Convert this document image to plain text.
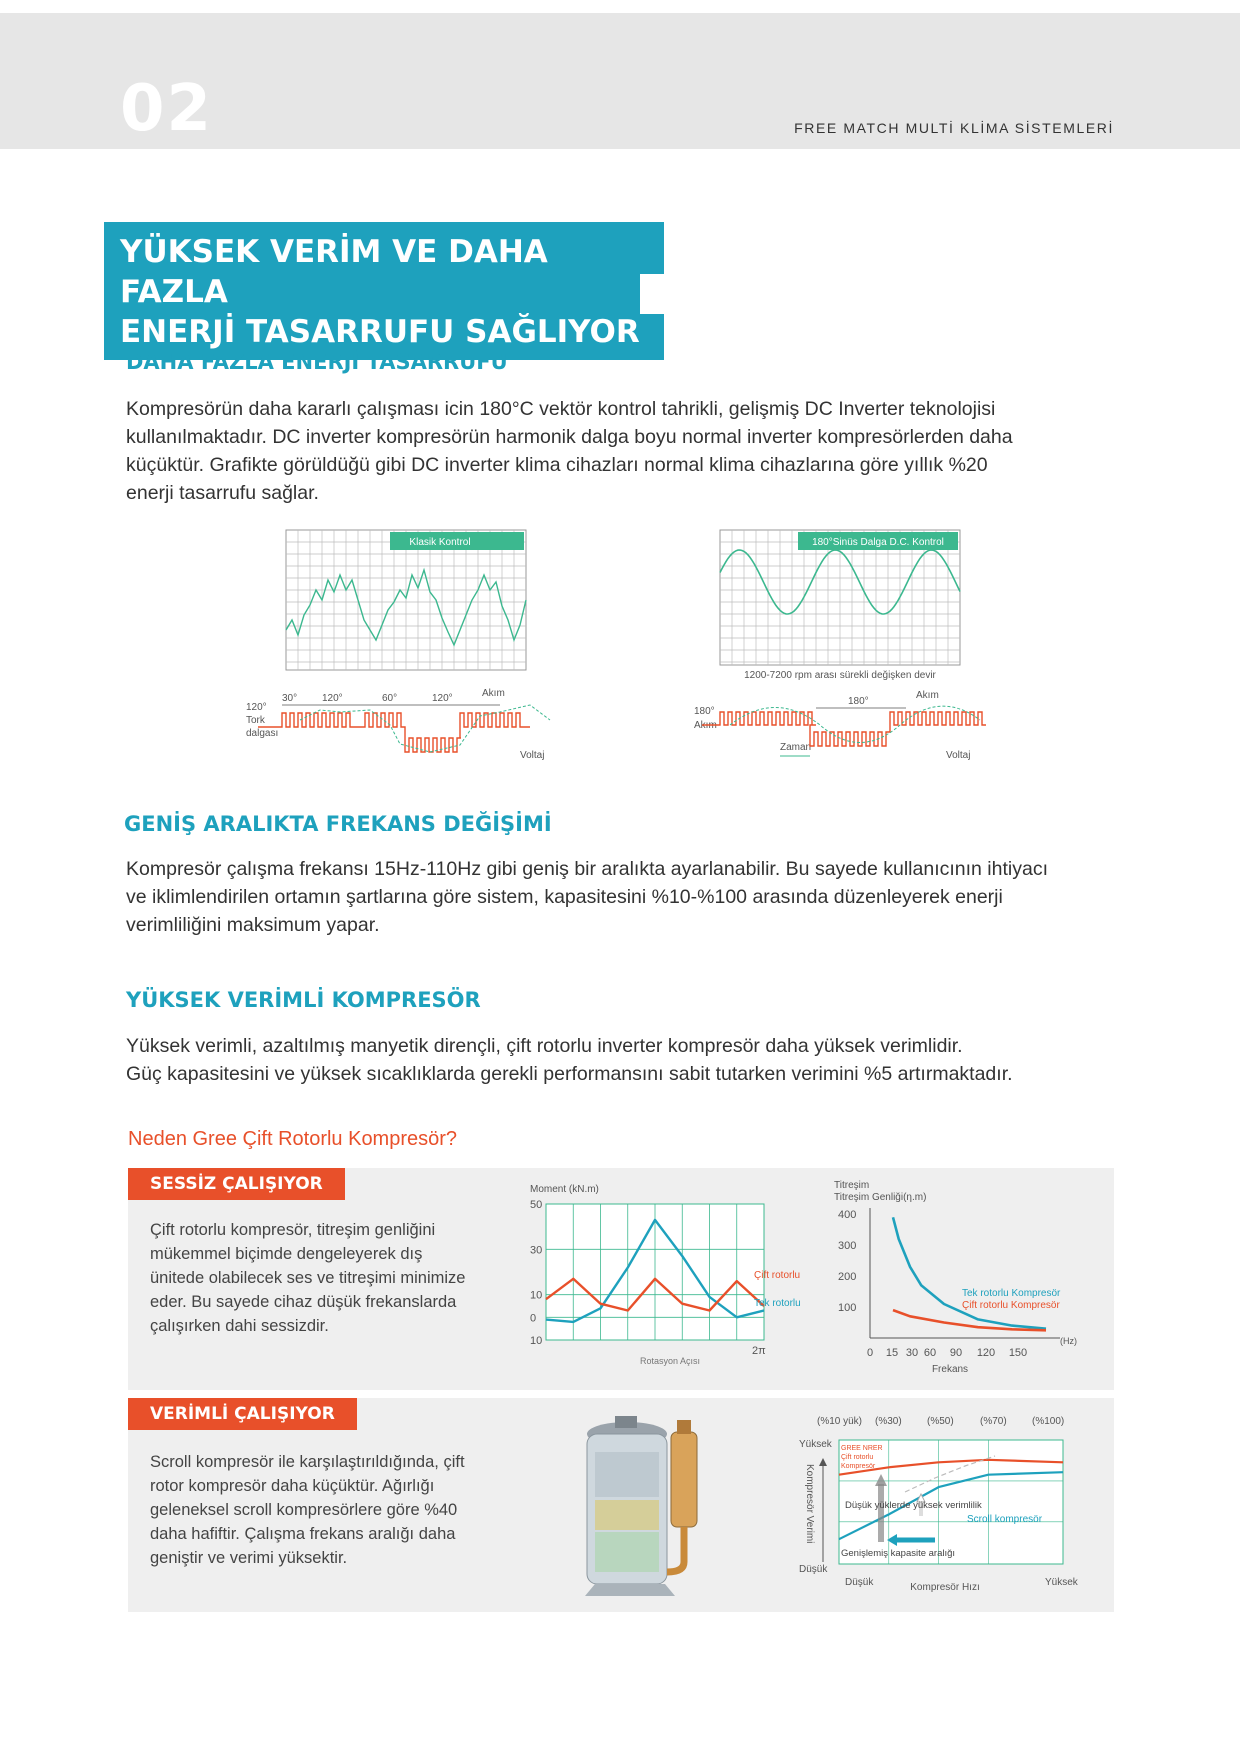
02	FREE MATCH MULTİ KLİMA SİSTEMLERİ
YÜKSEK VERİM VE DAHA FAZLA
ENERJİ TASARRUFU SAĞLIYOR
DAHA FAZLA ENERJİ TASARRUFU
Kompresörün daha kararlı çalışması icin 180°C vektör kontrol tahrikli, gelişmiş DC Inverter teknolojisi
kullanılmaktadır. DC inverter kompresörün harmonik dalga boyu normal inverter kompresörlerden daha
küçüktür. Grafikte görüldüğü gibi DC inverter klima cihazları normal klima cihazlarına göre yıllık %20
enerji tasarrufu sağlar.
Klasik Kontrol
120°
Tork
dalgası
30° 120°	60°	120°	Akım
Voltaj
180°Sinüs Dalga D.C. Kontrol
1200-7200 rpm arası sürekli değişken devir
180°
Akım
180°
Akım
Zaman
Voltaj
GENİŞ ARALIKTA FREKANS DEĞİŞİMİ
Kompresör çalışma frekansı 15Hz-110Hz gibi geniş bir aralıkta ayarlanabilir. Bu sayede kullanıcının ihtiyacı
ve iklimlendirilen ortamın şartlarına göre sistem, kapasitesini %10-%100 arasında düzenleyerek enerji
verimliliğini maksimum yapar.
YÜKSEK VERİMLİ KOMPRESÖR
Yüksek verimli, azaltılmış manyetik dirençli, çift rotorlu inverter kompresör daha yüksek verimlidir.
Güç kapasitesini ve yüksek sıcaklıklarda gerekli performansını sabit tutarken verimini %5 artırmaktadır.
Neden Gree Çift Rotorlu Kompresör?
SESSİZ ÇALIŞIYOR
Çift rotorlu kompresör, titreşim genliğini
mükemmel biçimde dengeleyerek dış
ünitede olabilecek ses ve titreşimi minimize
eder. Bu sayede cihaz düşük frekanslarda
çalışırken dahi sessizdir.
Moment (kN.m)
50
30
10
0
10
2π
Rotasyon Açısı
Çift rotorlu
Tek rotorlu
Titreşim
Titreşim Genliği(η.m)
400
300
200
100
0 15 30 60 90 120 150
(Hz)
Frekans
Tek rotorlu Kompresör
Çift rotorlu Kompresör
VERİMLİ ÇALIŞIYOR
Scroll kompresör ile karşılaştırıldığında, çift
rotor kompresör daha küçüktür. Ağırlığı
geleneksel scroll kompresörlere göre %40
daha hafiftir. Çalışma frekans aralığı daha
geniştir ve verimi yüksektir.
(%10 yük) (%30)	(%50)	(%70)	(%100)
Yüksek
Düşük
Kompresör Verimi
GREE NRER
Çift rotorlu
Kompresör
Düşük yüklerde yüksek verimlilik
Scroll kompresör
Genişlemiş kapasite aralığı
Düşük	Yüksek
Kompresör Hızı
